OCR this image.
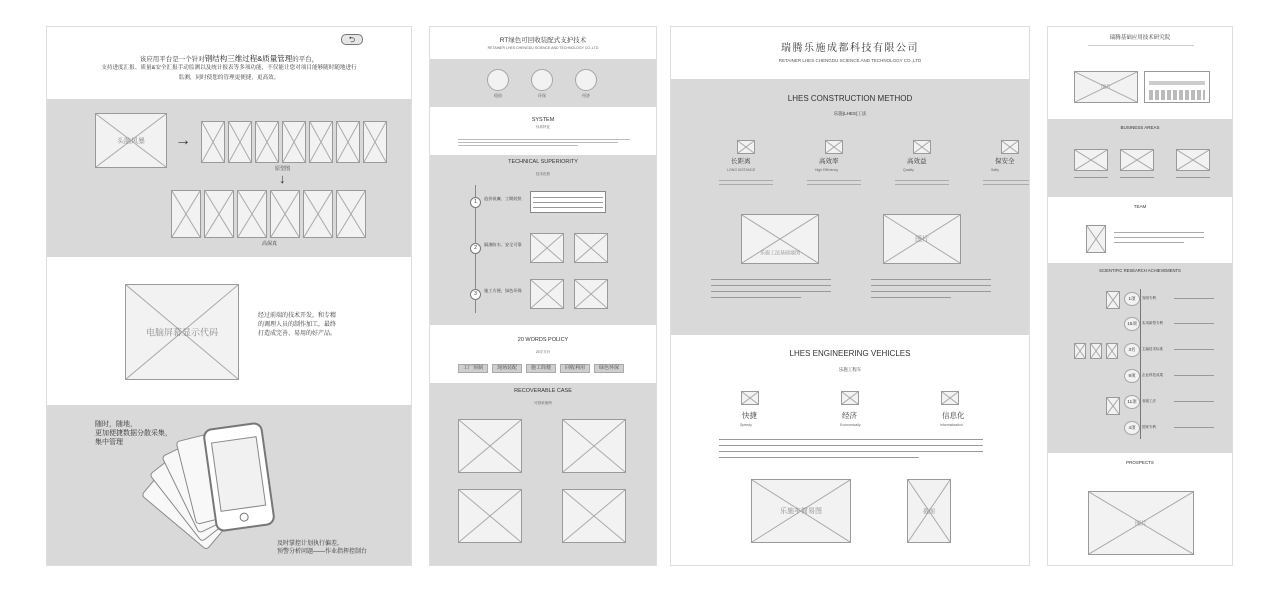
⮌
该应用平台是一个针对钢结构三维过程&质量管理的平台，
支持进度汇报、质量&安全汇报手动监测以及统计报表等多项功能，不仅能让您对项目能够随时随地进行
监测，同时使您的管理更便捷，更高效。
头脑风暴	→
原型图
↓
高保真
电脑屏幕显示代码
经过前端的技术开发，和专精
的调理人员的制作加工，最终
打造成完善、易用的好产品。
随时，随地，
更加便捷数据分散采集，
集中管理
及时掌控计划执行偏差，
预警分析问题——作业指挥控制台
RT绿色可回收装配式支护技术
RETAINER LHES CHENGDU SCIENCE AND TECHNOLOGY CO.,LTD
稳固	环保	经济
SYSTEM
体系特征
TECHNICAL SUPERIORITY
技术优势
1
造价低廉、工期较快
2
隔渗防水、安全可靠
3
施工方便、绿色环保
20 WORDS POLICY
20字方针
工厂预制	现场装配	施工简便	回收利用	绿色环保
RECOVERABLE CASE
可回收案例
瑞腾乐施成都科技有限公司
RETAINER LHES CHENGDU SCIENCE AND TECHNOLOGY CO.,LTD
LHES CONSTRUCTION METHOD
乐施(LHES)工法
长距离
LONG DISTANCE
高效率
High Efficiency
高效益
Quality
保安全
Safty
乐施工法基础墙图
图片
LHES ENGINEERING VEHICLES
乐施工程车
快捷
Speedy
经济
Economically
信息化
informatization
乐施车简易图	截图
瑞腾基础应用技术研究院
图片
BUSINESS AREAS
TEAM
SCIENTIFIC RESEARCH ACHIEVEMENTS
1項	发明专利
15项	实用新型专利
3名	主编技术标准
9项	企业科技成果
11項	省级工法
4項	国家专利
PROSPECTS
图片
